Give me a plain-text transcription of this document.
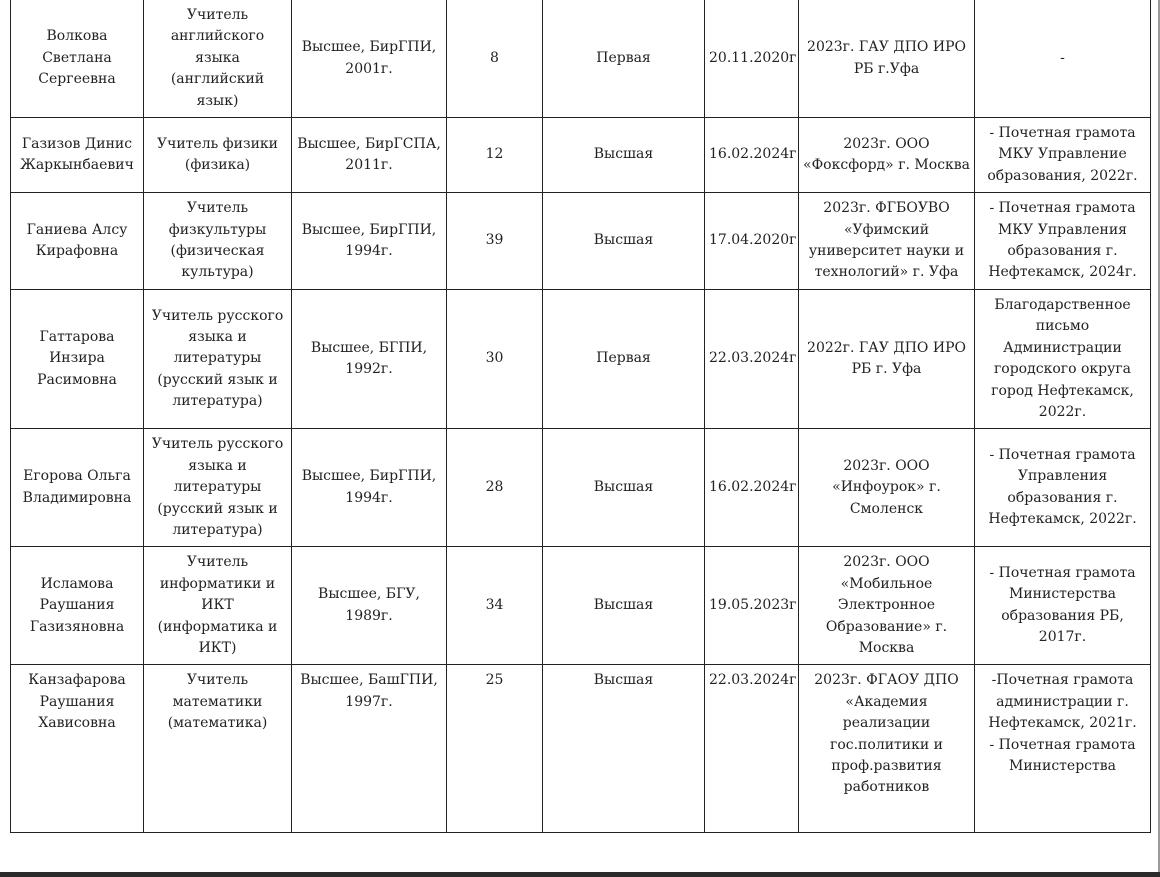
Волкова Светлана Сергеевна	Учитель английского языка (английский язык)	Высшее, БирГПИ, 2001г.	8	Первая	20.11.2020г	2023г. ГАУ ДПО ИРО РБ г.Уфа	-
Газизов Динис Жаркынбаевич	Учитель физики (физика)	Высшее, БирГСПА, 2011г.	12	Высшая	16.02.2024г	2023г. ООО «Фоксфорд» г. Москва	- Почетная грамота МКУ Управление образования, 2022г.
Ганиева Алсу Кирафовна	Учитель физкультуры (физическая культура)	Высшее, БирГПИ, 1994г.	39	Высшая	17.04.2020г	2023г. ФГБОУВО «Уфимский университет науки и технологий» г. Уфа	- Почетная грамота МКУ Управления образования г. Нефтекамск, 2024г.
Гаттарова Инзира Расимовна	Учитель русского языка и литературы (русский язык и литература)	Высшее, БГПИ, 1992г.	30	Первая	22.03.2024г	2022г. ГАУ ДПО ИРО РБ г. Уфа	Благодарственное письмо Администрации городского округа город Нефтекамск, 2022г.
Егорова Ольга Владимировна	Учитель русского языка и литературы (русский язык и литература)	Высшее, БирГПИ, 1994г.	28	Высшая	16.02.2024г	2023г. ООО «Инфоурок» г. Смоленск	- Почетная грамота Управления образования г. Нефтекамск, 2022г.
Исламова Раушания Газизяновна	Учитель информатики и ИКТ (информатика и ИКТ)	Высшее, БГУ, 1989г.	34	Высшая	19.05.2023г	2023г. ООО «Мобильное Электронное Образование» г. Москва	- Почетная грамота Министерства образования РБ, 2017г.
Канзафарова Раушания Хависовна	Учитель математики (математика)	Высшее, БашГПИ, 1997г.	25	Высшая	22.03.2024г	2023г. ФГАОУ ДПО «Академия реализации гос.политики и проф.развития работников	-Почетная грамота администрации г. Нефтекамск, 2021г. - Почетная грамота Министерства
